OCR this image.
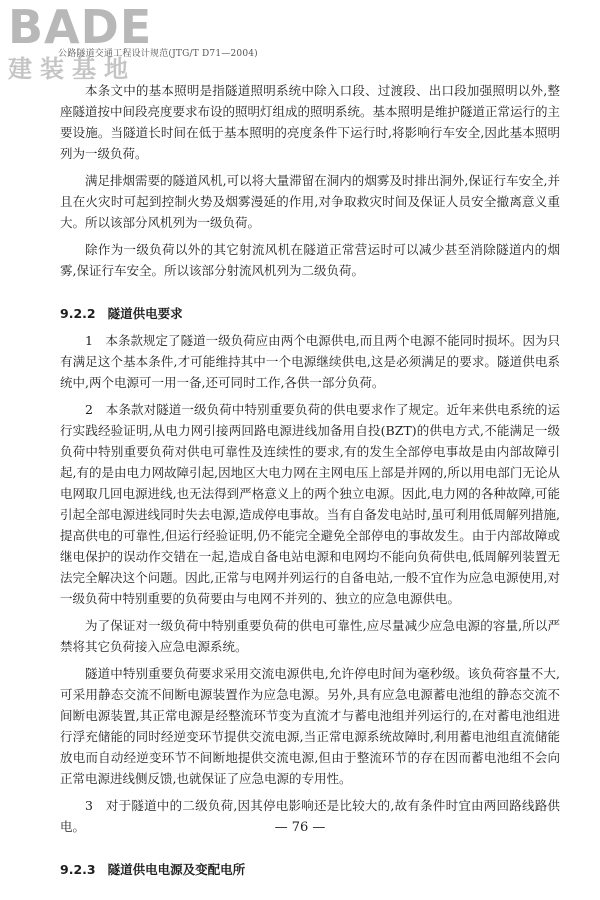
BADE
建装基地
公路隧道交通工程设计规范(JTG/T D71—2004)

本条文中的基本照明是指隧道照明系统中除入口段、过渡段、出口段加强照明以外,整座隧道按中间段亮度要求布设的照明灯组成的照明系统。基本照明是维护隧道正常运行的主要设施。当隧道长时间在低于基本照明的亮度条件下运行时,将影响行车安全,因此基本照明列为一级负荷。

满足排烟需要的隧道风机,可以将大量滞留在洞内的烟雾及时排出洞外,保证行车安全,并且在火灾时可起到控制火势及烟雾漫延的作用,对争取救灾时间及保证人员安全撤离意义重大。所以该部分风机列为一级负荷。

除作为一级负荷以外的其它射流风机在隧道正常营运时可以减少甚至消除隧道内的烟雾,保证行车安全。所以该部分射流风机列为二级负荷。

9.2.2 隧道供电要求

1　本条款规定了隧道一级负荷应由两个电源供电,而且两个电源不能同时损坏。因为只有满足这个基本条件,才可能维持其中一个电源继续供电,这是必须满足的要求。隧道供电系统中,两个电源可一用一备,还可同时工作,各供一部分负荷。

2　本条款对隧道一级负荷中特别重要负荷的供电要求作了规定。近年来供电系统的运行实践经验证明,从电力网引接两回路电源进线加备用自投(BZT)的供电方式,不能满足一级负荷中特别重要负荷对供电可靠性及连续性的要求,有的发生全部停电事故是由内部故障引起,有的是由电力网故障引起,因地区大电力网在主网电压上部是并网的,所以用电部门无论从电网取几回电源进线,也无法得到严格意义上的两个独立电源。因此,电力网的各种故障,可能引起全部电源进线同时失去电源,造成停电事故。当有自备发电站时,虽可利用低周解列措施,提高供电的可靠性,但运行经验证明,仍不能完全避免全部停电的事故发生。由于内部故障或继电保护的误动作交错在一起,造成自备电站电源和电网均不能向负荷供电,低周解列装置无法完全解决这个问题。因此,正常与电网并列运行的自备电站,一般不宜作为应急电源使用,对一级负荷中特别重要的负荷要由与电网不并列的、独立的应急电源供电。

为了保证对一级负荷中特别重要负荷的供电可靠性,应尽量减少应急电源的容量,所以严禁将其它负荷接入应急电源系统。

隧道中特别重要负荷要求采用交流电源供电,允许停电时间为毫秒级。该负荷容量不大,可采用静态交流不间断电源装置作为应急电源。另外,具有应急电源蓄电池组的静态交流不间断电源装置,其正常电源是经整流环节变为直流才与蓄电池组并列运行的,在对蓄电池组进行浮充储能的同时经逆变环节提供交流电源,当正常电源系统故障时,利用蓄电池组直流储能放电而自动经逆变环节不间断地提供交流电源,但由于整流环节的存在因而蓄电池组不会向正常电源进线侧反馈,也就保证了应急电源的专用性。

3　对于隧道中的二级负荷,因其停电影响还是比较大的,故有条件时宜由两回路线路供电。

9.2.3 隧道供电电源及变配电所
— 76 —
